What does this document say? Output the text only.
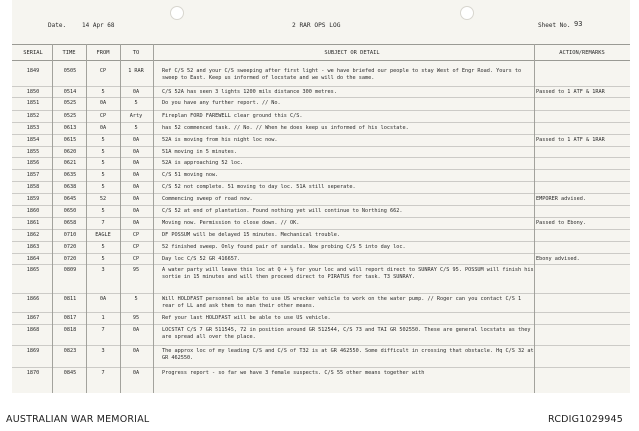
Date.	14 Apr 68	2 RAR OPS LOG	Sheet No. 93
SERIAL	TIME	FROM	TO	SUBJECT OR DETAIL	ACTION/REMARKS
1849	0505	CP	1 RAR	Ref C/S 52 and your C/S sweeping after first light - we have briefed our people to stay West of Engr Road. Yours to sweep to East. Keep us informed of locstate and we will do the same.
1850	0514	5	0A	C/S 52A has seen 3 lights 1200 mils distance 300 metres.	Passed to 1 ATF & 1RAR
1851	0525	0A	5	Do you have any further report. // No.
1852	0525	CP	Arty	Fireplan FORD FAREWELL clear ground this C/S.
1853	0613	0A	5	has 52 commenced task. // No. // When he does keep us informed of his locstate.
1854	0615	5	0A	52A is moving from his night loc now.	Passed to 1 ATF & 1RAR
1855	0620	5	0A	51A moving in 5 minutes.
1856	0621	5	0A	52A is approaching 52 loc.
1857	0635	5	0A	C/S 51 moving now.
1858	0638	5	0A	C/S 52 not complete. 51 moving to day loc. 51A still seperate.
1859	0645	52	0A	Commencing sweep of road now.	EMPORER advised.
1860	0650	5	0A	C/S 52 at end of plantation. Found nothing yet will continue to Northing 662.
1861	0658	7	0A	Moving now. Permission to close down. // OK.	Passed to Ebony.
1862	0710	EAGLE	CP	DF POSSUM will be delayed 15 minutes. Mechanical trouble.
1863	0720	5	CP	52 finished sweep. Only found pair of sandals. Now probing C/S 5 into day loc.
1864	0720	5	CP	Day loc C/S 52 GR 416657.	Ebony advised.
1865	0809	3	95	A water party will leave this loc at Q + ½ for your loc and will report direct to SUNRAY C/S 95. POSSUM will finish his sortie in 15 minutes and will then proceed direct to PIRATUS for task. T3 SUNRAY.
1866	0811	0A	5	Will HOLDFAST personnel be able to use US wrecker vehicle to work on the water pump. // Roger can you contact C/S 1 rear of LL and ask them to man their other means.
1867	0817	1	95	Ref your last HOLDFAST will be able to use US vehicle.
1868	0818	7	0A	LOCSTAT C/S 7 GR 511545, 72 in position around GR 512544, C/S 73 and TAI GR 502550. These are general locstats as they are spread all over the place.
1869	0823	3	0A	The approx loc of my leading C/S and C/S of T32 is at GR 462550. Some difficult in crossing that obstacle. Hq C/S 32 at GR 462550.
1870	0845	7	0A	Progress report - so far we have 3 female suspects. C/S 55 other means together with
AUSTRALIAN WAR MEMORIAL	RCDIG1029945
